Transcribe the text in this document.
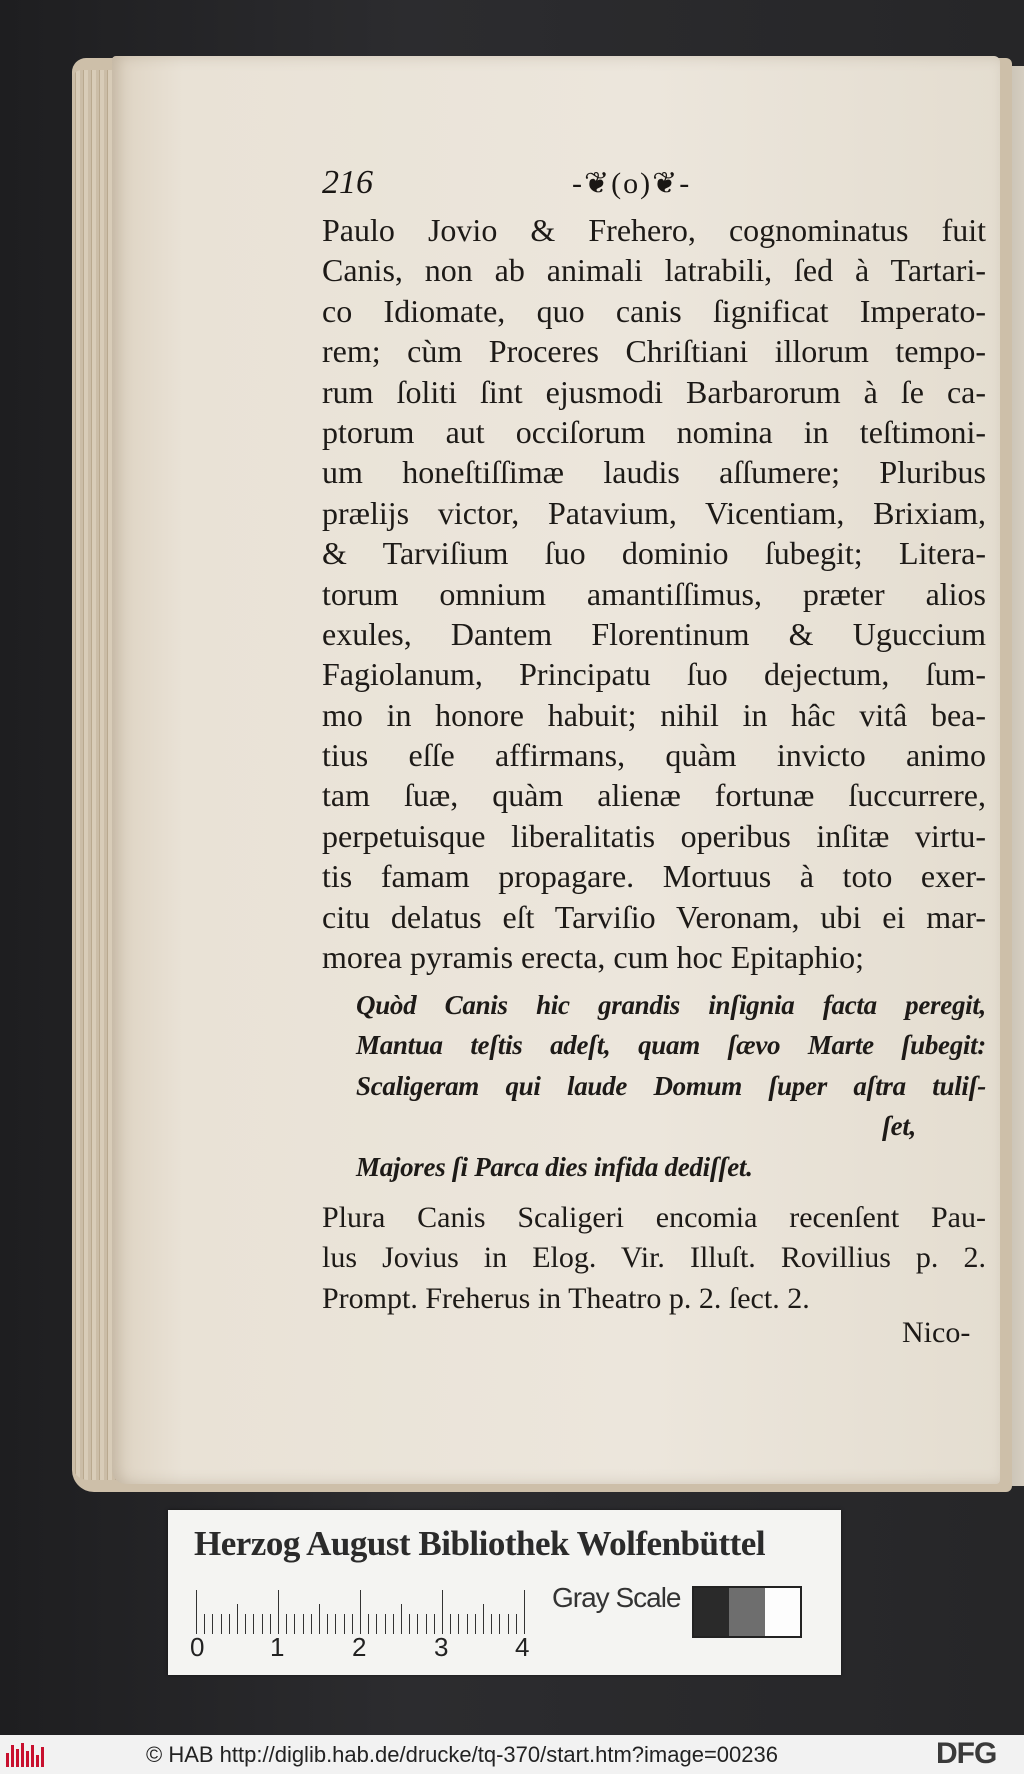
216	-❦(o)❦-
Paulo Jovio & Frehero, cognominatus fuit
Canis, non ab animali latrabili, ſed à Tartari-
co Idiomate, quo canis ſignificat Imperato-
rem; cùm Proceres Chriſtiani illorum tempo-
rum ſoliti ſint ejusmodi Barbarorum à ſe ca-
ptorum aut occiſorum nomina in teſtimoni-
um honeſtiſſimæ laudis aſſumere; Pluribus
prælijs victor, Patavium, Vicentiam, Brixiam,
& Tarviſium ſuo dominio ſubegit; Litera-
torum omnium amantiſſimus, præter alios
exules, Dantem Florentinum & Uguccium
Fagiolanum, Principatu ſuo dejectum, ſum-
mo in honore habuit; nihil in hâc vitâ bea-
tius eſſe affirmans, quàm invicto animo
tam ſuæ, quàm alienæ fortunæ ſuccurrere,
perpetuisque liberalitatis operibus inſitæ virtu-
tis famam propagare. Mortuus à toto exer-
citu delatus eſt Tarviſio Veronam, ubi ei mar-
morea pyramis erecta, cum hoc Epitaphio;
Quòd Canis hic grandis inſignia facta peregit,
Mantua teſtis adeſt, quam ſævo Marte ſubegit:
Scaligeram qui laude Domum ſuper aſtra tuliſ-
ſet,
Majores ſi Parca dies infida dediſſet.
Plura Canis Scaligeri encomia recenſent Pau-
lus Jovius in Elog. Vir. Illuſt. Rovillius p. 2.
Prompt. Freherus in Theatro p. 2. ſect. 2.
Nico-
Herzog August Bibliothek Wolfenbüttel
0	1	2	3	4
Gray Scale
© HAB http://diglib.hab.de/drucke/tq-370/start.htm?image=00236	DFG
